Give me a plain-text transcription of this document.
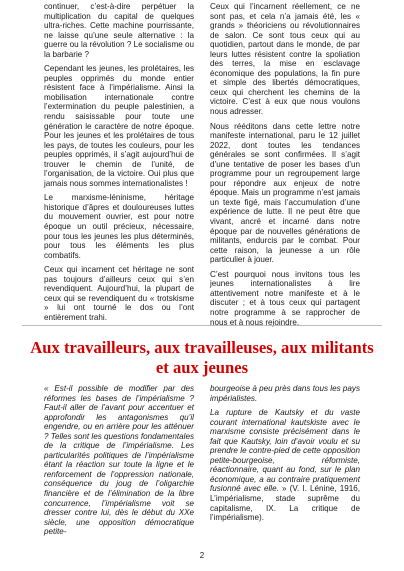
continuer, c’est-à-dire perpétuer la multiplication du capital de quelques ultra-riches. Cette machine pourrissante, ne laisse qu’une seule alternative : la guerre ou la révolution ? Le socialisme ou la barbarie ?

Cependant les jeunes, les prolétaires, les peuples opprimés du monde entier résistent face à l’impérialisme. Ainsi la mobilisation internationale contre l’extermination du peuple palestinien, a rendu saisissable pour toute une génération le caractère de notre époque. Pour les jeunes et les prolétaires de tous les pays, de toutes les couleurs, pour les peuples opprimés, il s’agit aujourd’hui de trouver le chemin de l’unité, de l’organisation, de la victoire. Oui plus que jamais nous sommes internationalistes !

Le marxisme-léninisme, héritage historique d’âpres et douloureuses luttes du mouvement ouvrier, est pour notre époque un outil précieux, nécessaire, pour tous les jeunes les plus déterminés, pour tous les éléments les plus combatifs.

Ceux qui incarnent cet héritage ne sont pas toujours d’ailleurs ceux qui s’en revendiquent. Aujourd’hui, la plupart de ceux qui se revendiquent du « trotskisme » lui ont tourné le dos ou l’ont entièrement trahi.

Ceux qui l’incarnent réellement, ce ne sont pas, et cela n’a jamais été, les « grands » théoriciens ou révolutionnaires de salon. Ce sont tous ceux qui au quotidien, partout dans le monde, de par leurs luttes résistent contre la spoliation des terres, la mise en esclavage économique des populations, la fin pure et simple des libertés démocratiques, ceux qui cherchent les chemins de la victoire. C’est à eux que nous voulons nous adresser.

Nous rééditons dans cette lettre notre manifeste international, paru le 12 juillet 2022, dont toutes les tendances générales se sont confirmées. Il s’agit d’une tentative de poser les bases d’un programme pour un regroupement large pour répondre aux enjeux de notre époque. Mais un programme n’est jamais un texte figé, mais l’accumulation d’une expérience de lutte. Il ne peut être que vivant, ancré et incarné dans notre époque par de nouvelles générations de militants, endurcis par le combat. Pour cette raison, la jeunesse a un rôle particulier à jouer.

C’est pourquoi nous invitons tous les jeunes internationalistes à lire attentivement notre manifeste et à le discuter ; et à tous ceux qui partagent notre programme à se rapprocher de nous et à nous rejoindre.

Aux travailleurs, aux travailleuses, aux militants et aux jeunes

« Est-il possible de modifier par des réformes les bases de l’impérialisme ? Faut-il aller de l’avant pour accentuer et approfondir les antagonismes qu’il engendre, ou en arrière pour les atténuer ? Telles sont les questions fondamentales de la critique de l’impérialisme. Les particularités politiques de l’impérialisme étant la réaction sur toute la ligne et le renforcement de l’oppression nationale, conséquence du joug de l’oligarchie financière et de l’élimination de la libre concurrence, l’impérialisme voit se dresser contre lui, dès le début du XXe siècle, une opposition démocratique petite-

bourgeoise à peu près dans tous les pays impérialistes.

La rupture de Kautsky et du vaste courant international kautskiste avec le marxisme consiste précisément dans le fait que Kautsky, loin d’avoir voulu et su prendre le contre-pied de cette opposition petite-bourgeoise, réformiste, réactionnaire, quant au fond, sur le plan économique, a au contraire pratiquement fusionné avec elle. » (V. I. Lénine, 1916, L’impérialisme, stade suprême du capitalisme, IX. La critique de l’impérialisme).

2
